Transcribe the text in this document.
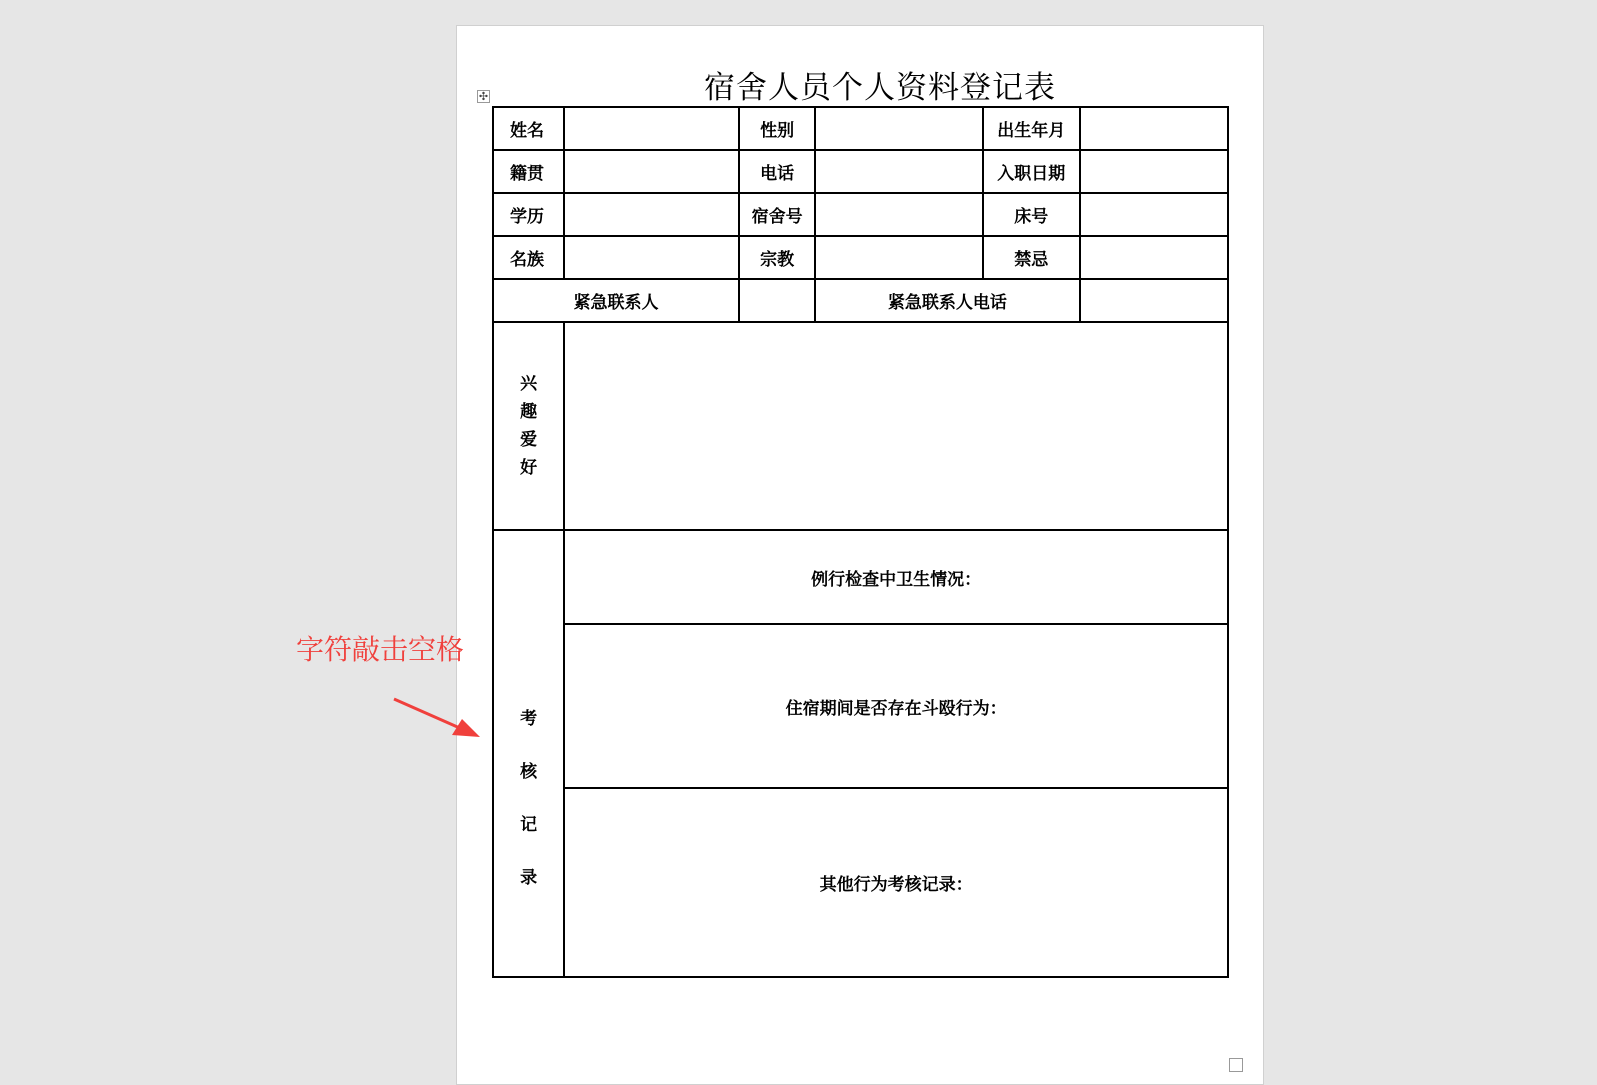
宿舍人员个人资料登记表
✣
姓名		性别		出生年月	
籍贯		电话		入职日期	
学历		宿舍号		床号	
名族		宗教		禁忌	
紧急联系人			紧急联系人电话		

兴
趣
爱
好					

考
核
记
录	例行检查中卫生情况：				
	住宿期间是否存在斗殴行为：				
	其他行为考核记录：				
字符敲击空格
